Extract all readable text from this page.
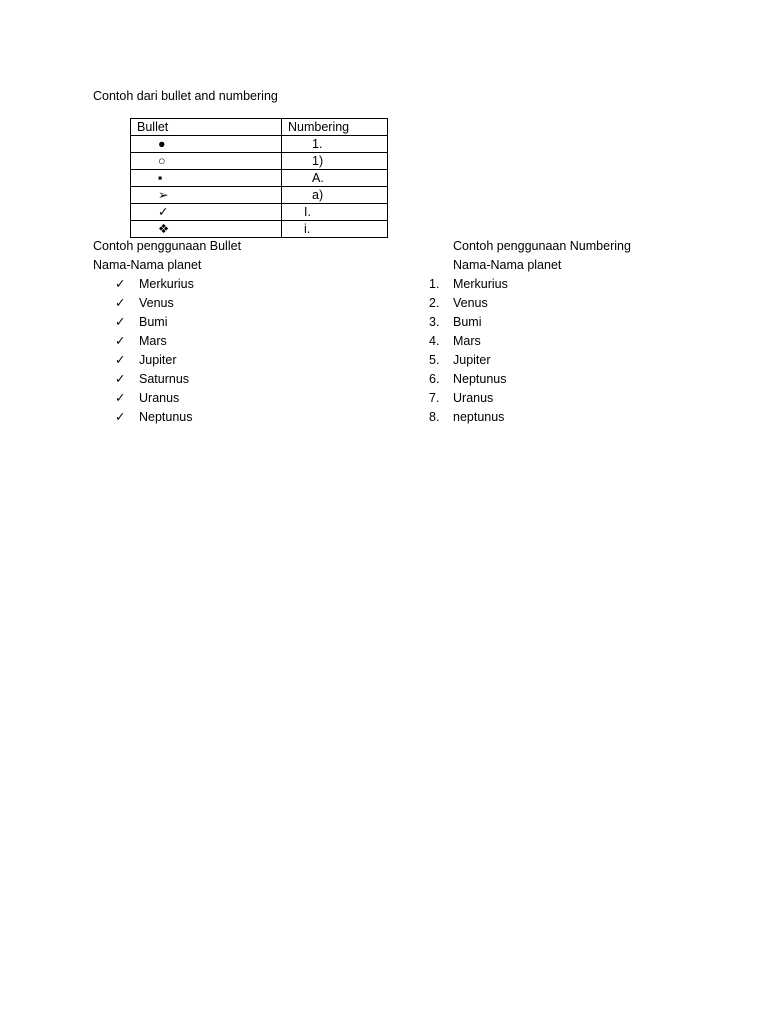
Contoh dari bullet and numbering
Bullet	Numbering
●	1.
○	1)
▪	A.
➢	a)
✓	I.
❖	i.
Contoh penggunaan Bullet
Nama-Nama planet
✓ Merkurius
✓ Venus
✓ Bumi
✓ Mars
✓ Jupiter
✓ Saturnus
✓ Uranus
✓ Neptunus
Contoh penggunaan Numbering
Nama-Nama planet
1.	Merkurius
2.	Venus
3.	Bumi
4.	Mars
5.	Jupiter
6.	Neptunus
7.	Uranus
8.	neptunus
